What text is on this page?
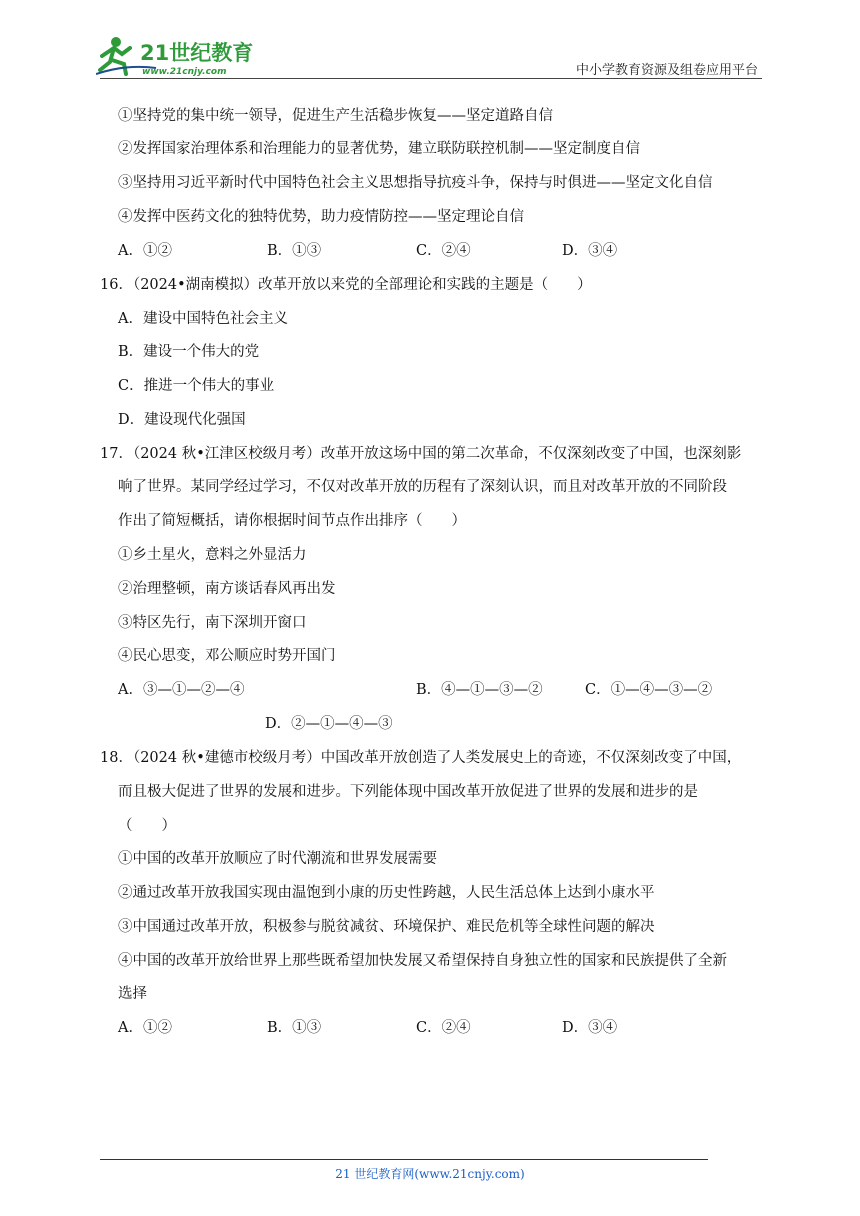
21世纪教育
www.21cnjy.com	中小学教育资源及组卷应用平台
①坚持党的集中统一领导，促进生产生活稳步恢复——坚定道路自信
②发挥国家治理体系和治理能力的显著优势，建立联防联控机制——坚定制度自信
③坚持用习近平新时代中国特色社会主义思想指导抗疫斗争，保持与时俱进——坚定文化自信
④发挥中医药文化的独特优势，助力疫情防控——坚定理论自信
A．①②	B．①③	C．②④	D．③④
16．（2024•湖南模拟）改革开放以来党的全部理论和实践的主题是（　　）
A．建设中国特色社会主义
B．建设一个伟大的党
C．推进一个伟大的事业
D．建设现代化强国
17．（2024 秋•江津区校级月考）改革开放这场中国的第二次革命，不仅深刻改变了中国，也深刻影
响了世界。某同学经过学习，不仅对改革开放的历程有了深刻认识，而且对改革开放的不同阶段
作出了简短概括，请你根据时间节点作出排序（　　）
①乡土星火，意料之外显活力
②治理整顿，南方谈话春风再出发
③特区先行，南下深圳开窗口
④民心思变，邓公顺应时势开国门
A．③—①—②—④	B．④—①—③—②	C．①—④—③—②
D．②—①—④—③
18．（2024 秋•建德市校级月考）中国改革开放创造了人类发展史上的奇迹，不仅深刻改变了中国，
而且极大促进了世界的发展和进步。下列能体现中国改革开放促进了世界的发展和进步的是
（　　）
①中国的改革开放顺应了时代潮流和世界发展需要
②通过改革开放我国实现由温饱到小康的历史性跨越，人民生活总体上达到小康水平
③中国通过改革开放，积极参与脱贫减贫、环境保护、难民危机等全球性问题的解决
④中国的改革开放给世界上那些既希望加快发展又希望保持自身独立性的国家和民族提供了全新
选择
A．①②	B．①③	C．②④	D．③④
21 世纪教育网(www.21cnjy.com)
